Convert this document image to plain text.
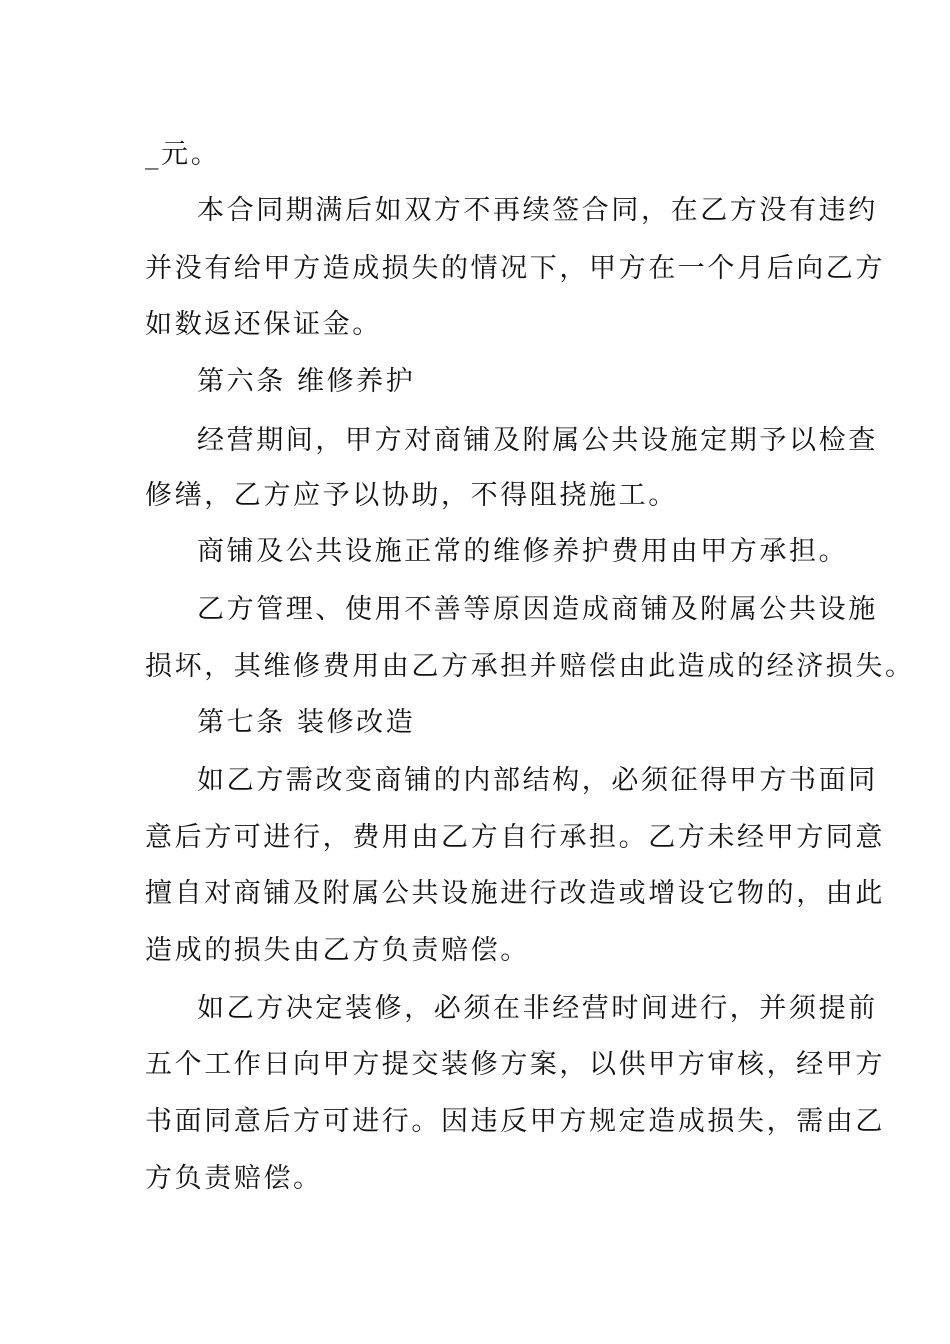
_元。
本合同期满后如双方不再续签合同，在乙方没有违约
并没有给甲方造成损失的情况下，甲方在一个月后向乙方
如数返还保证金。
第六条 维修养护
经营期间，甲方对商铺及附属公共设施定期予以检查
修缮，乙方应予以协助，不得阻挠施工。
商铺及公共设施正常的维修养护费用由甲方承担。
乙方管理、使用不善等原因造成商铺及附属公共设施
损坏，其维修费用由乙方承担并赔偿由此造成的经济损失。
第七条 装修改造
如乙方需改变商铺的内部结构，必须征得甲方书面同
意后方可进行，费用由乙方自行承担。乙方未经甲方同意
擅自对商铺及附属公共设施进行改造或增设它物的，由此
造成的损失由乙方负责赔偿。
如乙方决定装修，必须在非经营时间进行，并须提前
五个工作日向甲方提交装修方案，以供甲方审核，经甲方
书面同意后方可进行。因违反甲方规定造成损失，需由乙
方负责赔偿。
